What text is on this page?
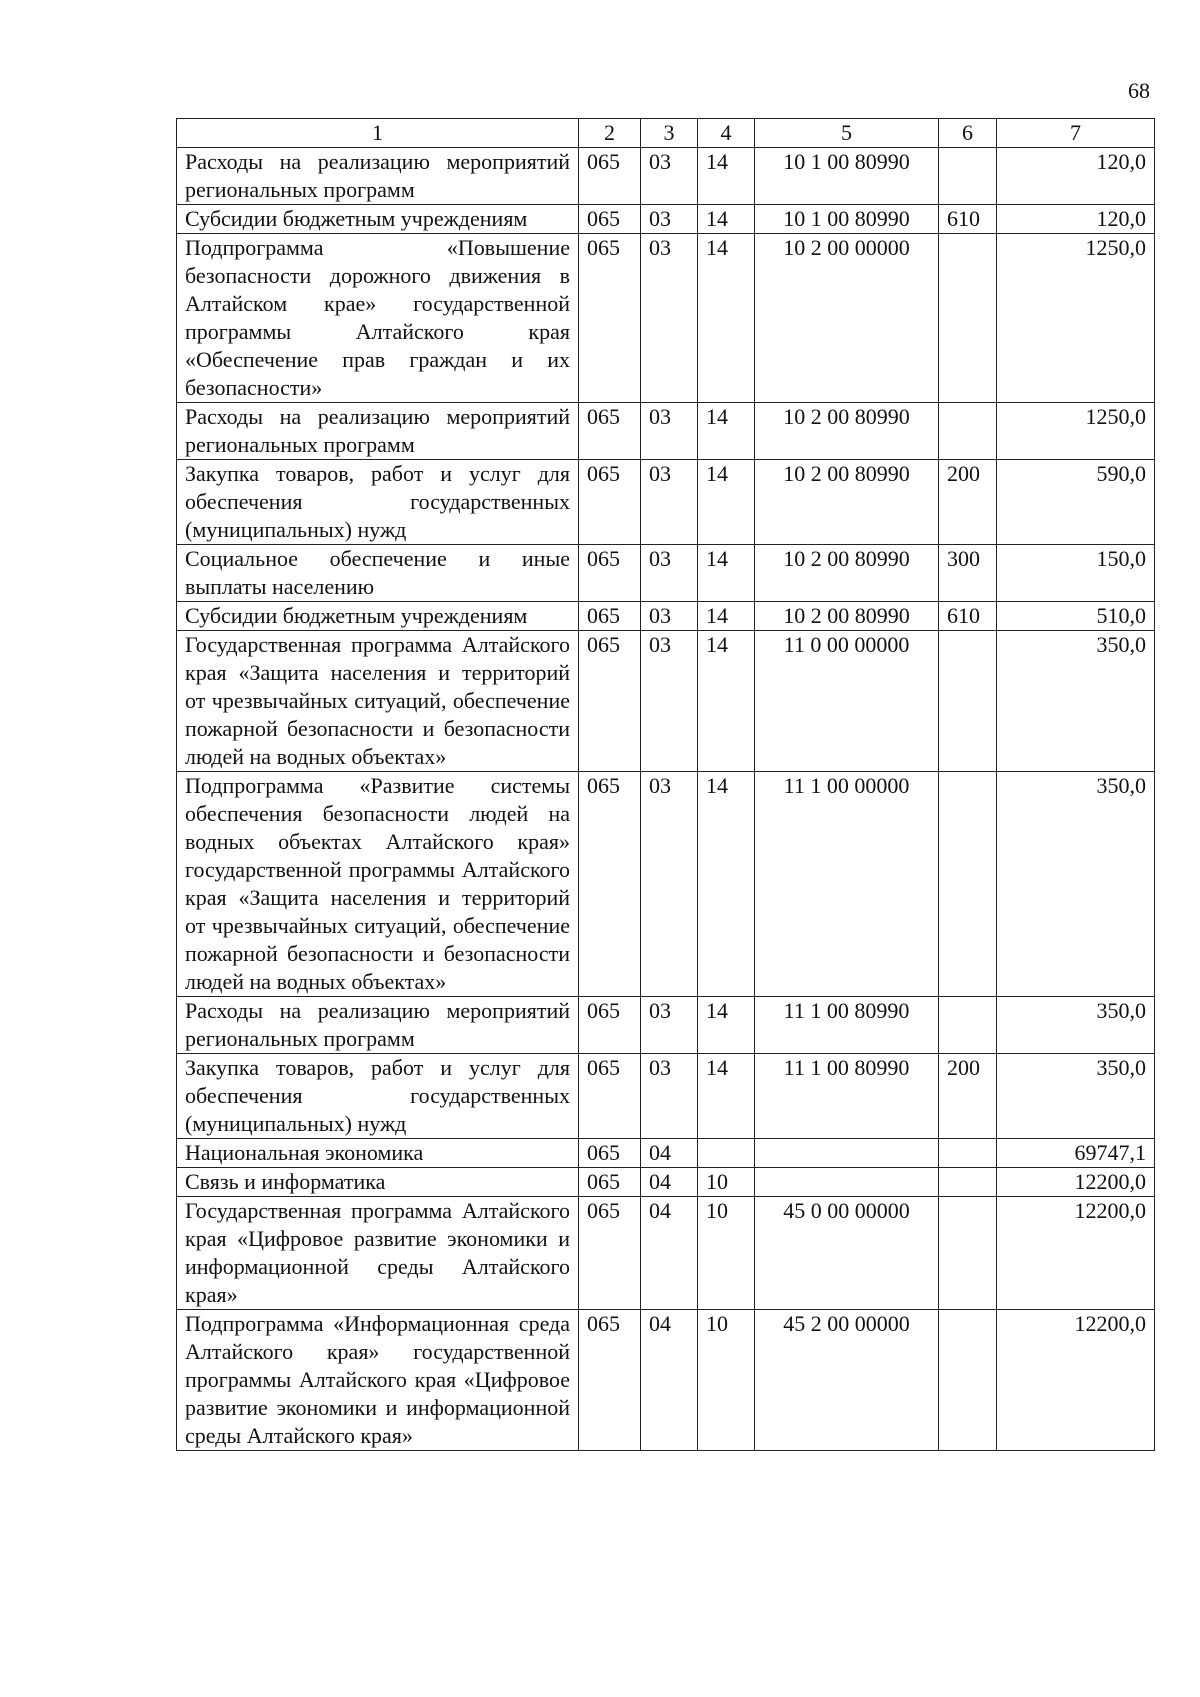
68
1	2	3	4	5	6	7
Расходы на реализацию мероприятий региональных программ	065	03	14	10 1 00 80990		120,0
Субсидии бюджетным учреждениям	065	03	14	10 1 00 80990	610	120,0
Подпрограмма «Повышение безопасности дорожного движения в Алтайском крае» государственной программы Алтайского края «Обеспечение прав граждан и их безопасности»	065	03	14	10 2 00 00000		1250,0
Расходы на реализацию мероприятий региональных программ	065	03	14	10 2 00 80990		1250,0
Закупка товаров, работ и услуг для обеспечения государственных (муниципальных) нужд	065	03	14	10 2 00 80990	200	590,0
Социальное обеспечение и иные выплаты населению	065	03	14	10 2 00 80990	300	150,0
Субсидии бюджетным учреждениям	065	03	14	10 2 00 80990	610	510,0
Государственная программа Алтайского края «Защита населения и территорий от чрезвычайных ситуаций, обеспечение пожарной безопасности и безопасности людей на водных объектах»	065	03	14	11 0 00 00000		350,0
Подпрограмма «Развитие системы обеспечения безопасности людей на водных объектах Алтайского края» государственной программы Алтайского края «Защита населения и территорий от чрезвычайных ситуаций, обеспечение пожарной безопасности и безопасности людей на водных объектах»	065	03	14	11 1 00 00000		350,0
Расходы на реализацию мероприятий региональных программ	065	03	14	11 1 00 80990		350,0
Закупка товаров, работ и услуг для обеспечения государственных (муниципальных) нужд	065	03	14	11 1 00 80990	200	350,0
Национальная экономика	065	04				69747,1
Связь и информатика	065	04	10			12200,0
Государственная программа Алтайского края «Цифровое развитие экономики и информационной среды Алтайского края»	065	04	10	45 0 00 00000		12200,0
Подпрограмма «Информационная среда Алтайского края» государственной программы Алтайского края «Цифровое развитие экономики и информационной среды Алтайского края»	065	04	10	45 2 00 00000		12200,0
